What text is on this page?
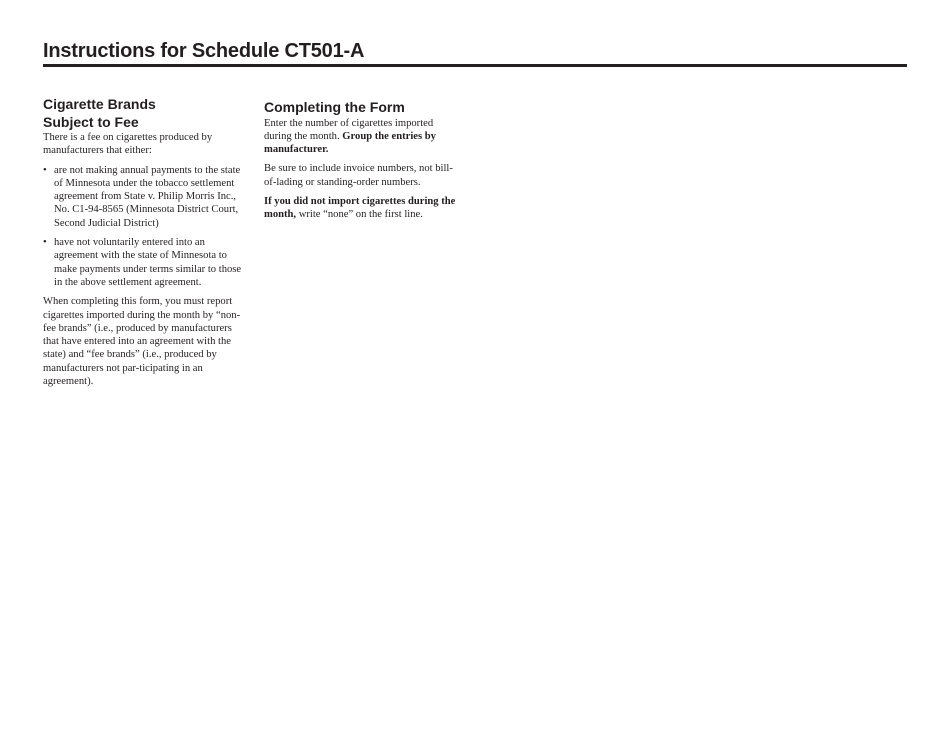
Instructions for Schedule CT501-A
Cigarette Brands
Subject to Fee

There is a fee on cigarettes produced by manufacturers that either:

• are not making annual payments to the state of Minnesota under the tobacco settlement agreement from State v. Philip Morris Inc., No. C1-94-8565 (Minnesota District Court, Second Judicial District)
• have not voluntarily entered into an agreement with the state of Minnesota to make payments under terms similar to those in the above settlement agreement.

When completing this form, you must report cigarettes imported during the month by “non-fee brands” (i.e., produced by manufacturers that have entered into an agreement with the state) and “fee brands” (i.e., produced by manufacturers not par-ticipating in an agreement).

Completing the Form

Enter the number of cigarettes imported during the month. Group the entries by manufacturer.

Be sure to include invoice numbers, not bill-of-lading or standing-order numbers.

If you did not import cigarettes during the month, write “none” on the first line.
